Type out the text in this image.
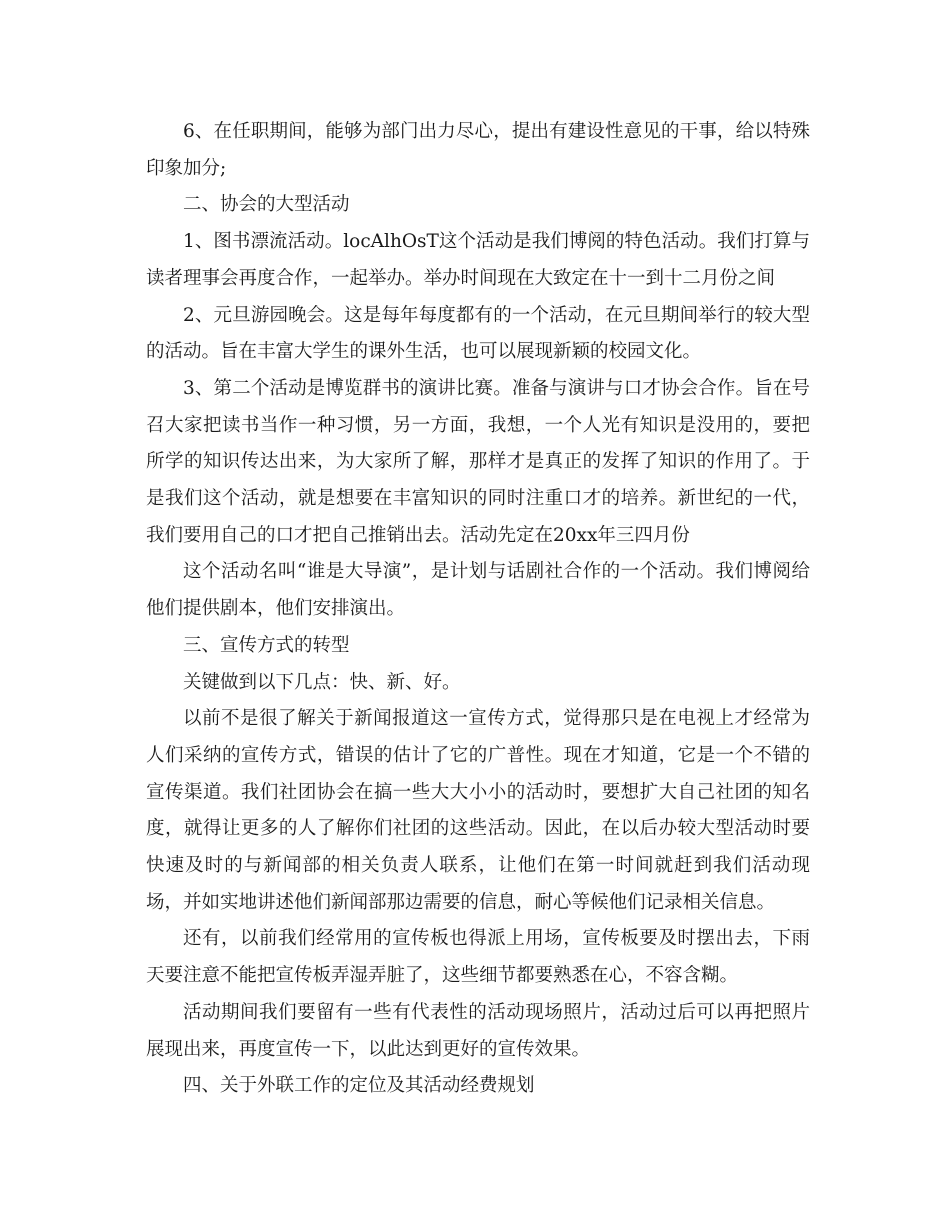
6、在任职期间，能够为部门出力尽心，提出有建设性意见的干事，给以特殊印象加分;

二、协会的大型活动

1、图书漂流活动。locAlhOsT这个活动是我们博阅的特色活动。我们打算与读者理事会再度合作，一起举办。举办时间现在大致定在十一到十二月份之间

2、元旦游园晚会。这是每年每度都有的一个活动，在元旦期间举行的较大型的活动。旨在丰富大学生的课外生活，也可以展现新颖的校园文化。

3、第二个活动是博览群书的演讲比赛。准备与演讲与口才协会合作。旨在号召大家把读书当作一种习惯，另一方面，我想，一个人光有知识是没用的，要把所学的知识传达出来，为大家所了解，那样才是真正的发挥了知识的作用了。于是我们这个活动，就是想要在丰富知识的同时注重口才的培养。新世纪的一代，我们要用自己的口才把自己推销出去。活动先定在20xx年三四月份

这个活动名叫“谁是大导演”，是计划与话剧社合作的一个活动。我们博阅给他们提供剧本，他们安排演出。

三、宣传方式的转型

关键做到以下几点：快、新、好。

以前不是很了解关于新闻报道这一宣传方式，觉得那只是在电视上才经常为人们采纳的宣传方式，错误的估计了它的广普性。现在才知道，它是一个不错的宣传渠道。我们社团协会在搞一些大大小小的活动时，要想扩大自己社团的知名度，就得让更多的人了解你们社团的这些活动。因此，在以后办较大型活动时要快速及时的与新闻部的相关负责人联系，让他们在第一时间就赶到我们活动现场，并如实地讲述他们新闻部那边需要的信息，耐心等候他们记录相关信息。

还有，以前我们经常用的宣传板也得派上用场，宣传板要及时摆出去，下雨天要注意不能把宣传板弄湿弄脏了，这些细节都要熟悉在心，不容含糊。

活动期间我们要留有一些有代表性的活动现场照片，活动过后可以再把照片展现出来，再度宣传一下，以此达到更好的宣传效果。

四、关于外联工作的定位及其活动经费规划
